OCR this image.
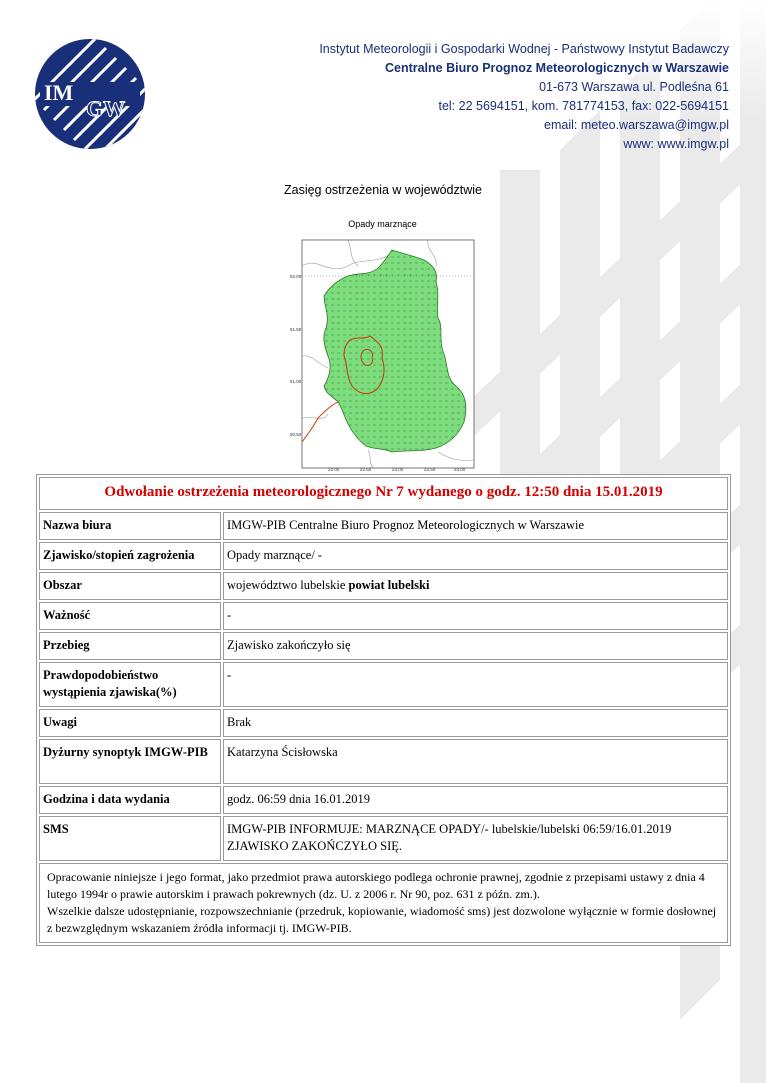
IM
GW
Instytut Meteorologii i Gospodarki Wodnej - Państwowy Instytut Badawczy
Centralne Biuro Prognoz Meteorologicznych w Warszawie
01-673 Warszawa ul. Podleśna 61
tel: 22 5694151, kom. 781774153, fax: 022-5694151
email: meteo.warszawa@imgw.pl
www: www.imgw.pl
Zasięg ostrzeżenia w województwie
Opady marznące
52.00
51.50
51.00
50.50
22.00	22.50	23.00	23.50	24.00
Odwołanie ostrzeżenia meteorologicznego Nr 7 wydanego o godz. 12:50 dnia 15.01.2019	
Nazwa biura	IMGW-PIB Centralne Biuro Prognoz Meteorologicznych w Warszawie
Zjawisko/stopień zagrożenia	Opady marznące/ -
Obszar	województwo lubelskie powiat lubelski
Ważność	-
Przebieg	Zjawisko zakończyło się
Prawdopodobieństwo wystąpienia zjawiska(%)	-
Uwagi	Brak
Dyżurny synoptyk IMGW-PIB	Katarzyna Ścisłowska
Godzina i data wydania	godz. 06:59 dnia 16.01.2019
SMS	IMGW-PIB INFORMUJE: MARZNĄCE OPADY/- lubelskie/lubelski 06:59/16.01.2019 ZJAWISKO ZAKOŃCZYŁO SIĘ.

Opracowanie niniejsze i jego format, jako przedmiot prawa autorskiego podlega ochronie prawnej, zgodnie z przepisami ustawy z dnia 4 lutego 1994r o prawie autorskim i prawach pokrewnych (dz. U. z 2006 r. Nr 90, poz. 631 z późn. zm.).
Wszelkie dalsze udostępnianie, rozpowszechnianie (przedruk, kopiowanie, wiadomość sms) jest dozwolone wyłącznie w formie dosłownej z bezwzględnym wskazaniem źródła informacji tj. IMGW-PIB.	
